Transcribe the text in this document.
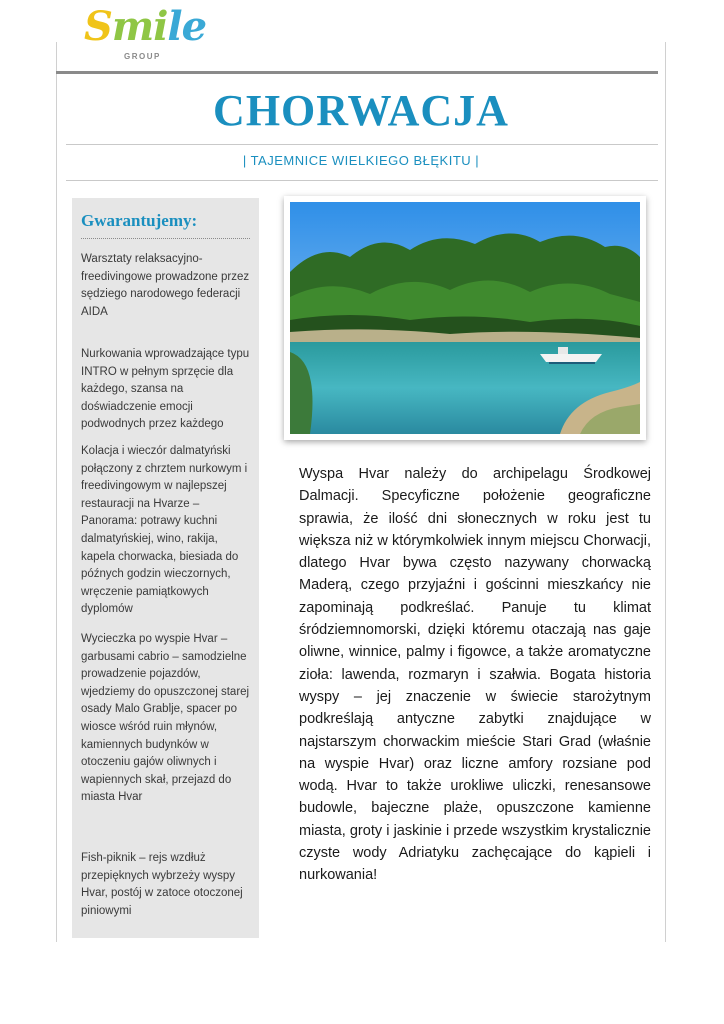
Smile
GROUP
CHORWACJA
| TAJEMNICE WIELKIEGO BŁĘKITU |
Gwarantujemy:

Warsztaty relaksacyjno-freedivingowe prowadzone przez sędziego narodowego federacji AIDA

Nurkowania wprowadzające typu INTRO w pełnym sprzęcie dla każdego, szansa na doświadczenie emocji podwodnych przez każdego

Kolacja i wieczór dalmatyński połączony z chrztem nurkowym i freedivingowym w najlepszej restauracji na Hvarze – Panorama: potrawy kuchni dalmatyńskiej, wino, rakija, kapela chorwacka, biesiada do późnych godzin wieczornych, wręczenie pamiątkowych dyplomów

Wycieczka po wyspie Hvar – garbusami cabrio – samodzielne prowadzenie pojazdów, wjedziemy do opuszczonej starej osady Malo Grablje, spacer po wiosce wśród ruin młynów, kamiennych budynków w otoczeniu gajów oliwnych i wapiennych skał, przejazd do miasta Hvar

Fish-piknik – rejs wzdłuż przepięknych wybrzeży wyspy Hvar, postój w zatoce otoczonej piniowymi

Wyspa Hvar należy do archipelagu Środkowej Dalmacji. Specyficzne położenie geograficzne sprawia, że ilość dni słonecznych w roku jest tu większa niż w którymkolwiek innym miejscu Chorwacji, dlatego Hvar bywa często nazywany chorwacką Maderą, czego przyjaźni i gościnni mieszkańcy nie zapominają podkreślać. Panuje tu klimat śródziemnomorski, dzięki któremu otaczają nas gaje oliwne, winnice, palmy i figowce, a także aromatyczne zioła: lawenda, rozmaryn i szałwia. Bogata historia wyspy – jej znaczenie w świecie starożytnym podkreślają antyczne zabytki znajdujące w najstarszym chorwackim mieście Stari Grad (właśnie na wyspie Hvar) oraz liczne amfory rozsiane pod wodą. Hvar to także urokliwe uliczki, renesansowe budowle, bajeczne plaże, opuszczone kamienne miasta, groty i jaskinie i przede wszystkim krystalicznie czyste wody Adriatyku zachęcające do kąpieli i nurkowania!
